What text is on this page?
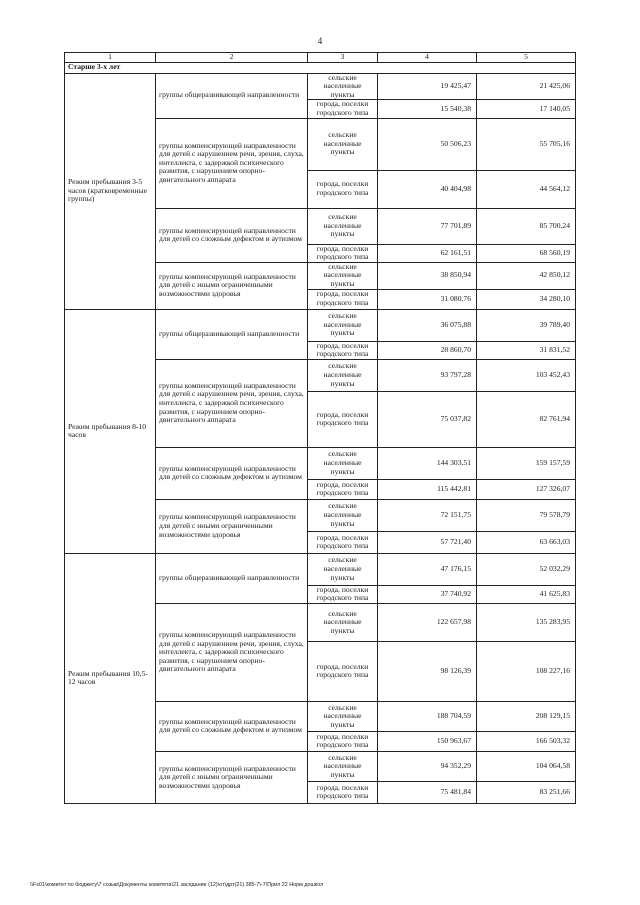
4
1	2	3	4	5
Старше 3-х лет				
Режим пребывания 3-5 часов (кратковременные группы)	группы общеразвивающей направленности	сельские населенные пункты	19 425,47	21 425,06
		города, поселки городского типа	15 540,38	17 140,05
	группы компенсирующей направленности для детей с нарушением речи, зрения, слуха, интеллекта, с задержкой психического развития, с нарушением опорно-двигательного аппарата	сельские населенные пункты	50 506,23	55 705,16
		города, поселки городского типа	40 404,98	44 564,12
	группы компенсирующей направленности для детей со сложным дефектом и аутизмом	сельские населенные пункты	77 701,89	85 700,24
		города, поселки городского типа	62 161,51	68 560,19
	группы компенсирующей направленности для детей с иными ограниченными возможностями здоровья	сельские населенные пункты	38 850,94	42 850,12
		города, поселки городского типа	31 080,76	34 280,10
Режим пребывания 8-10 часов	группы общеразвивающей направленности	сельские населенные пункты	36 075,88	39 789,40
		города, поселки городского типа	28 860,70	31 831,52
	группы компенсирующей направленности для детей с нарушением речи, зрения, слуха, интеллекта, с задержкой психического развития, с нарушением опорно-двигательного аппарата	сельские населенные пункты	93 797,28	103 452,43
		города, поселки городского типа	75 037,82	82 761,94
	группы компенсирующей направленности для детей со сложным дефектом и аутизмом	сельские населенные пункты	144 303,51	159 157,59
		города, поселки городского типа	115 442,81	127 326,07
	группы компенсирующей направленности для детей с иными ограниченными возможностями здоровья	сельские населенные пункты	72 151,75	79 578,79
		города, поселки городского типа	57 721,40	63 663,03
Режим пребывания 10,5-12 часов	группы общеразвивающей направленности	сельские населенные пункты	47 176,15	52 032,29
		города, поселки городского типа	37 740,92	41 625,83
	группы компенсирующей направленности для детей с нарушением речи, зрения, слуха, интеллекта, с задержкой психического развития, с нарушением опорно-двигательного аппарата	сельские населенные пункты	122 657,98	135 283,95
		города, поселки городского типа	98 126,39	108 227,16
	группы компенсирующей направленности для детей со сложным дефектом и аутизмом	сельские населенные пункты	188 704,59	208 129,15
		города, поселки городского типа	150 963,67	166 503,32
	группы компенсирующей направленности для детей с иными ограниченными возможностями здоровья	сельские населенные пункты	94 352,29	104 064,58
		города, поселки городского типа	75 481,84	83 251,66
\\Fs01\комитет по бюджету\7 созыв\Документы комитета\21 заседание (12)\от\дрт(21) 385-7\-7\Прил 22 Норм дошкол
